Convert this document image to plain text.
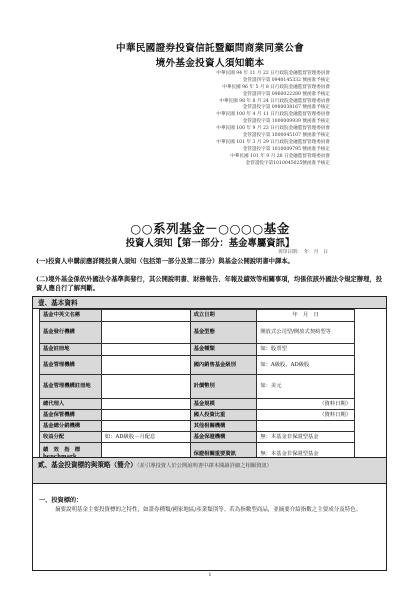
中華民國證券投資信託暨顧問商業同業公會
境外基金投資人須知範本
中華民國 94 年 11 月 22 日行政院金融監督管理委員會
金管證四字第 0940145332 號函准予核定
中華民國 96 年 5 月 8 日行政院金融監督管理委員會
金管證四字第 0960022280 號函准予核定
中華民國 98 年 8 月 24 日行政院金融監督管理委員會
金管證投字第 0980038167 號函准予核定
中華民國 100 年 4 月 11 日行政院金融監督管理委員會
金管證投字第 1000009939 號函准予核定
中華民國 100 年 9 月 23 日行政院金融監督管理委員會
金管證投字第 1000045107 號函准予核定
中華民國 101 年 3 月 29 日行政院金融監督管理委員會
金管證投字第 1010009795 號函准予核定
中華民國 101 年 9 月 28 日金融監督管理委員會
金管證投字第1010045025號函准予核定
○○系列基金－○○○○基金
投資人須知【第一部分：基金專屬資訊】
刊印日期：　年　月　日
(一)投資人申購前應詳閱投資人須知（包括第一部分及第二部分）與基金公開說明書中譯本。
(二)境外基金係依外國法令基準與發行，其公開說明書、財務報告、年報及績效等相關事項，均係依該外國法令規定辦理，投資人應自行了解判斷。
壹、基本資料
基金中英文名稱		成立日期	年　月　日
基金發行機構		基金型態	開放式公司型/開放式契約型等
基金註冊地		基金種類	如：股票型
基金管理機構		國內銷售基金級別	如：A級股、AD級股
基金管理機構註冊地		計價幣別	如：美元
總代理人		基金規模	（資料日期）
基金保管機構		國人投資比重	（資料日期）
基金總分銷機構		其他相關機構	
收益分配	如：AD級股－月配息	基金保證機構	無：本基金非保證型基金
績　效　指　標		保證相關重要資訊	無：本基金非保證型基金
貳、基金投資標的與策略（簡介）（並引導投資人於公開說明書中譯本閱讀詳細之相關資訊）
一、投資標的：
摘要說明基金主要投資標的之特性，如證券種類/國家地區/產業類別等。若為指數型商品，並摘要介紹指數之主要成分及特色。
1
